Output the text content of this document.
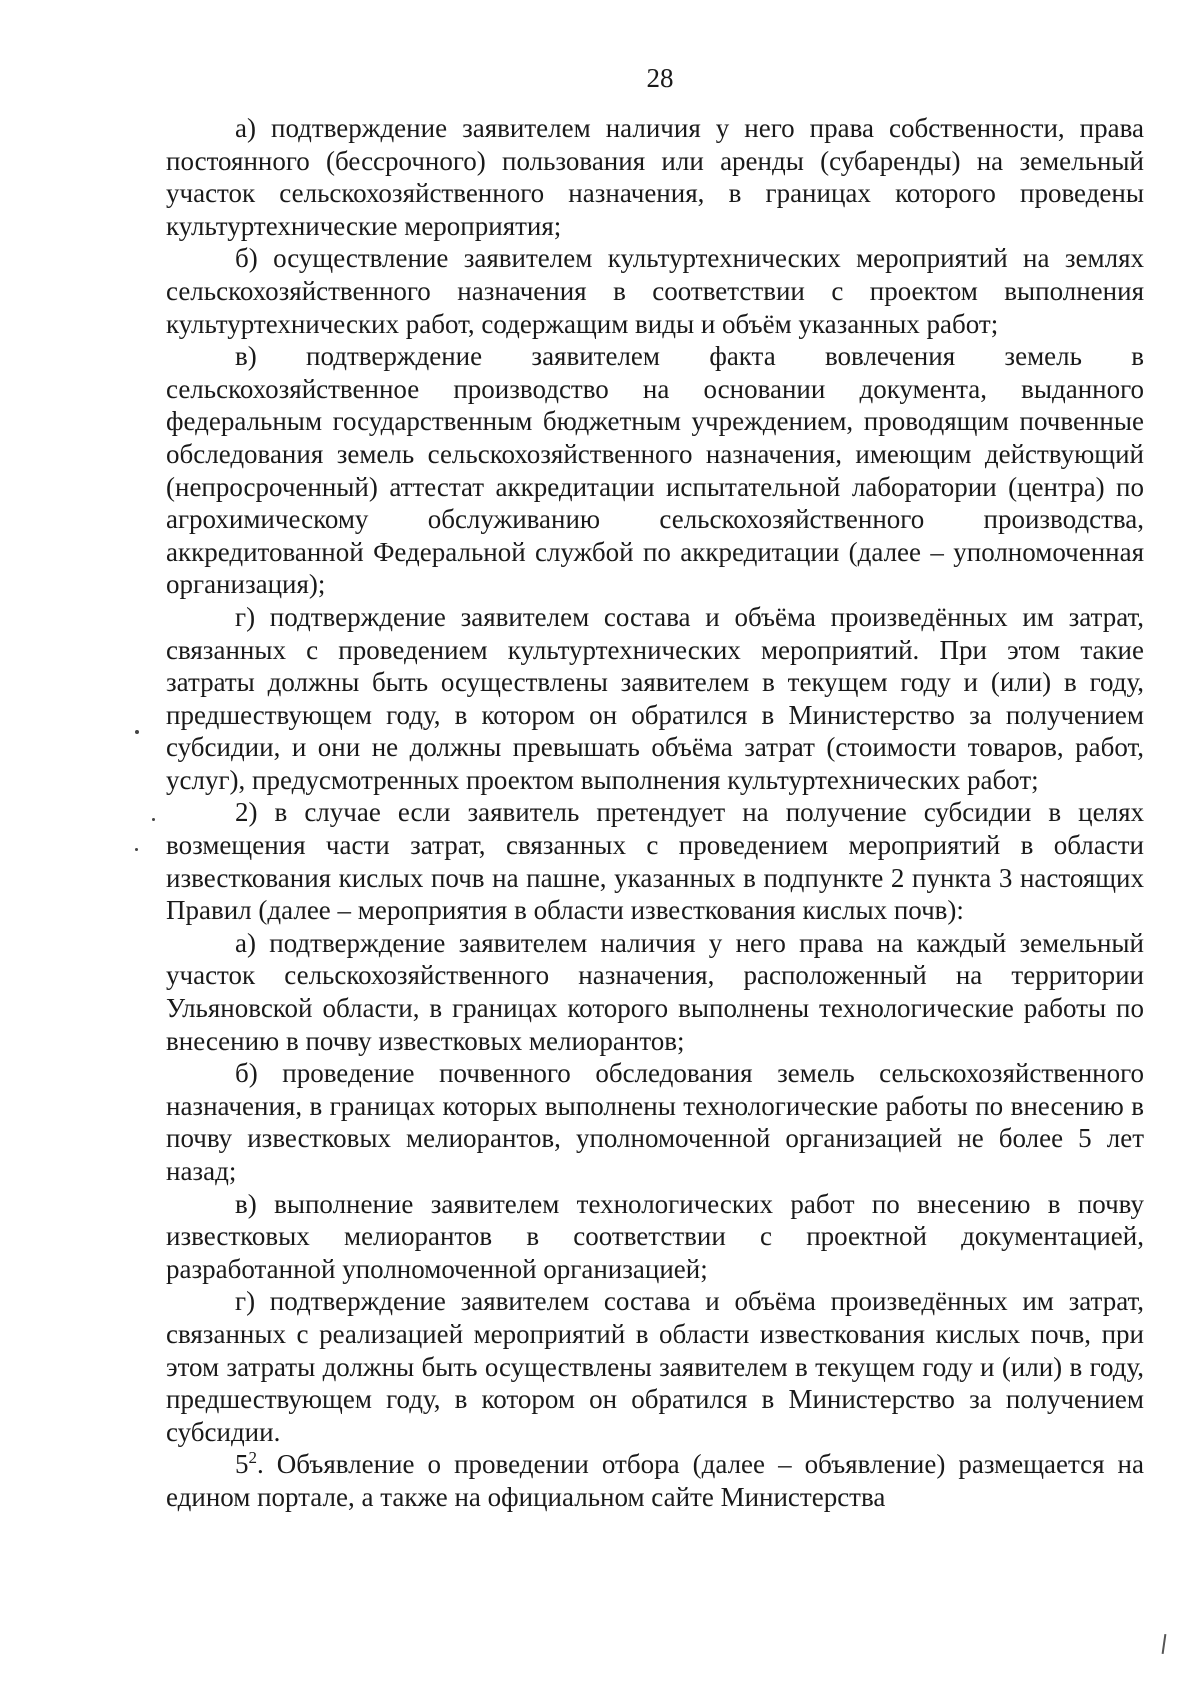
28

а) подтверждение заявителем наличия у него права собственности, права постоянного (бессрочного) пользования или аренды (субаренды) на земельный участок сельскохозяйственного назначения, в границах которого проведены культуртехнические мероприятия;

б) осуществление заявителем культуртехнических мероприятий на землях сельскохозяйственного назначения в соответствии с проектом выполнения культуртехнических работ, содержащим виды и объём указанных работ;

в) подтверждение заявителем факта вовлечения земель в сельскохозяйственное производство на основании документа, выданного федеральным государственным бюджетным учреждением, проводящим почвенные обследования земель сельскохозяйственного назначения, имеющим действующий (непросроченный) аттестат аккредитации испытательной лаборатории (центра) по агрохимическому обслуживанию сельскохозяйственного производства, аккредитованной Федеральной службой по аккредитации (далее – уполномоченная организация);

г) подтверждение заявителем состава и объёма произведённых им затрат, связанных с проведением культуртехнических мероприятий. При этом такие затраты должны быть осуществлены заявителем в текущем году и (или) в году, предшествующем году, в котором он обратился в Министерство за получением субсидии, и они не должны превышать объёма затрат (стоимости товаров, работ, услуг), предусмотренных проектом выполнения культуртехнических работ;

2) в случае если заявитель претендует на получение субсидии в целях возмещения части затрат, связанных с проведением мероприятий в области известкования кислых почв на пашне, указанных в подпункте 2 пункта 3 настоящих Правил (далее – мероприятия в области известкования кислых почв):

а) подтверждение заявителем наличия у него права на каждый земельный участок сельскохозяйственного назначения, расположенный на территории Ульяновской области, в границах которого выполнены технологические работы по внесению в почву известковых мелиорантов;

б) проведение почвенного обследования земель сельскохозяйственного назначения, в границах которых выполнены технологические работы по внесению в почву известковых мелиорантов, уполномоченной организацией не более 5 лет назад;

в) выполнение заявителем технологических работ по внесению в почву известковых мелиорантов в соответствии с проектной документацией, разработанной уполномоченной организацией;

г) подтверждение заявителем состава и объёма произведённых им затрат, связанных с реализацией мероприятий в области известкования кислых почв, при этом затраты должны быть осуществлены заявителем в текущем году и (или) в году, предшествующем году, в котором он обратился в Министерство за получением субсидии.

$5^2$. Объявление о проведении отбора (далее – объявление) размещается на едином портале, а также на официальном сайте Министерства
